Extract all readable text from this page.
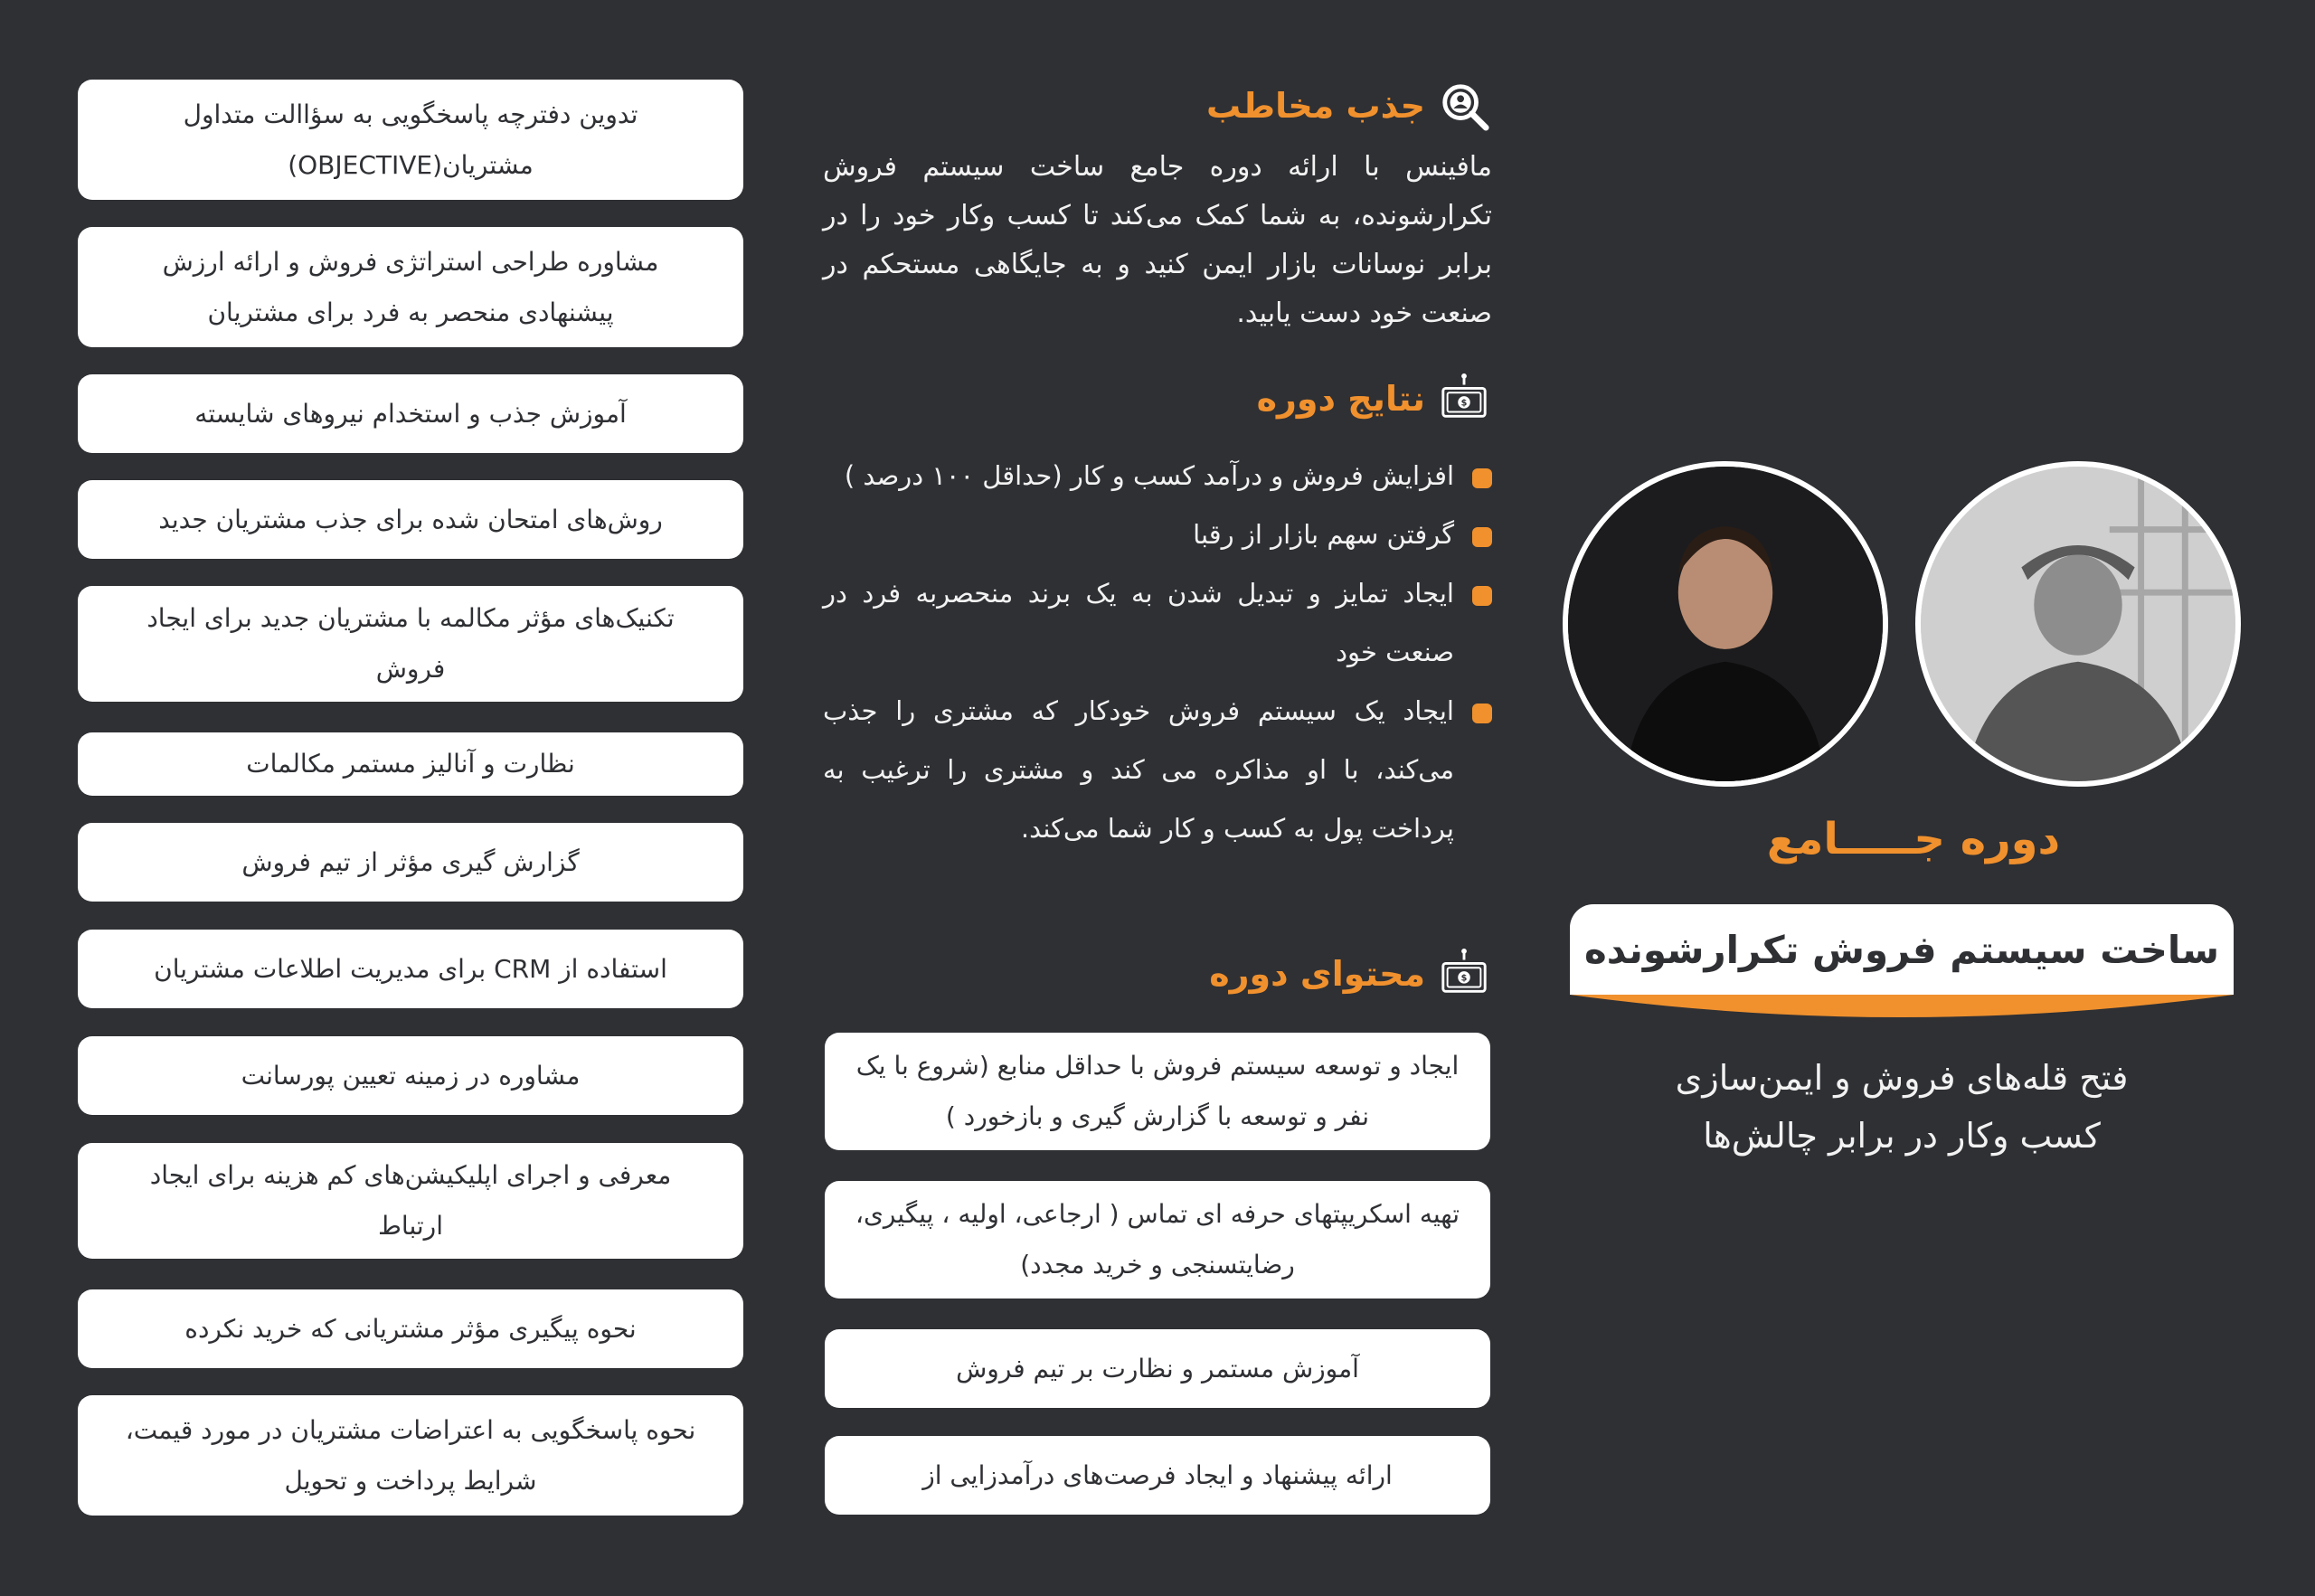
تدوین دفترچه پاسخگویی به سؤاالت متداول مشتریان(OBJECTIVE)
مشاوره طراحی استراتژی فروش و ارائه ارزش پیشنهادی منحصر به فرد برای مشتریان
آموزش جذب و استخدام نیروهای شایسته
روش‌های امتحان شده برای جذب مشتریان جدید
تکنیک‌های مؤثر مکالمه با مشتریان جدید برای ایجاد فروش
نظارت و آنالیز مستمر مکالمات
گزارش گیری مؤثر از تیم فروش
استفاده از CRM برای مدیریت اطلاعات مشتریان
مشاوره در زمینه تعیین پورسانت
معرفی و اجرای اپلیکیشن‌های کم هزینه برای ایجاد ارتباط
نحوه پیگیری مؤثر مشتریانی که خرید نکرده
نحوه پاسخگویی به اعتراضات مشتریان در مورد قیمت، شرایط پرداخت و تحویل
جذب مخاطب
مافینس با ارائه دوره جامع ساخت سیستم فروش تکرارشونده، به شما کمک می‌کند تا کسب وکار خود را در برابر نوسانات بازار ایمن کنید و به جایگاهی مستحکم در صنعت خود دست یابید.
$
نتایج دوره
افزایش فروش و درآمد کسب و کار (حداقل ۱۰۰ درصد )
گرفتن سهم بازار از رقبا
ایجاد تمایز و تبدیل شدن به یک برند منحصربه فرد در صنعت خود
ایجاد یک سیستم فروش خودکار که مشتری را جذب می‌کند، با او مذاکره می کند و مشتری را ترغیب به پرداخت پول به کسب و کار شما می‌کند.
$
محتوای دوره
ایجاد و توسعه سیستم فروش با حداقل منابع (شروع با یک نفر و توسعه با گزارش گیری و بازخورد )
تهیه اسکریپتهای حرفه ای تماس ( ارجاعی، اولیه ، پیگیری، رضایتسنجی و خرید مجدد)
آموزش مستمر و نظارت بر تیم فروش
ارائه پیشنهاد و ایجاد فرصت‌های درآمدزایی از
دوره جـــــامع
ساخت سیستم فروش تکرارشونده
فتح قله‌های فروش و ایمن‌سازی
کسب وکار در برابر چالش‌ها
